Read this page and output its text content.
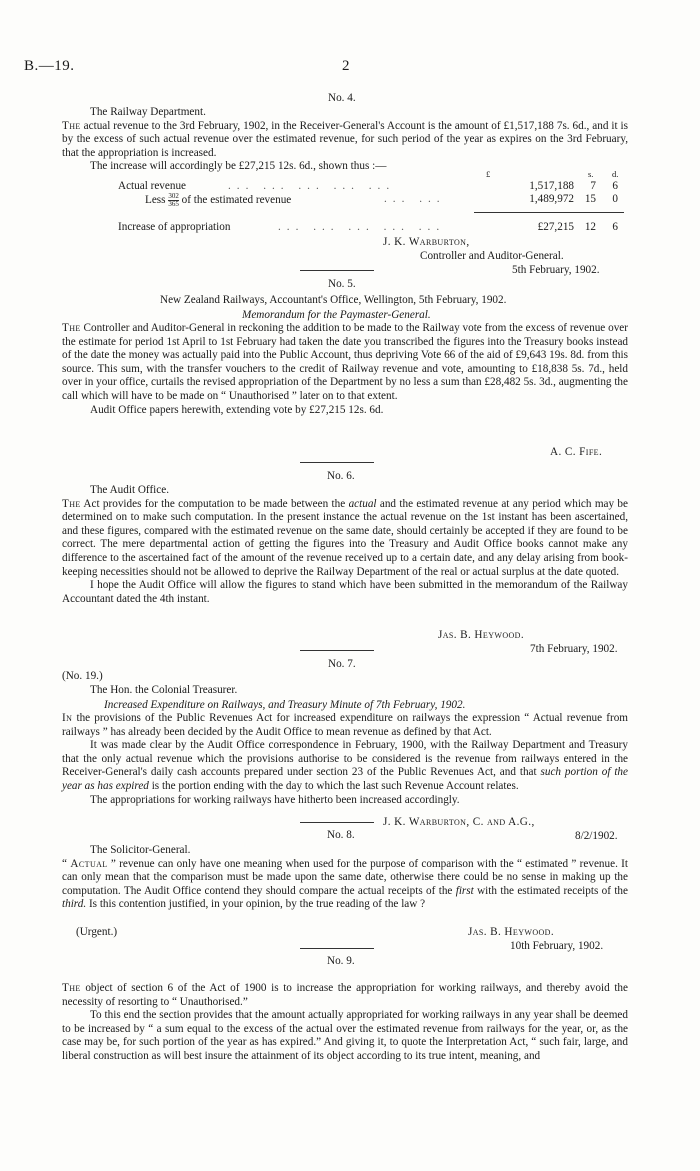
B.—19.	2
No. 4.

The Railway Department.

The actual revenue to the 3rd February, 1902, in the Receiver-General's Account is the amount of £1,517,188 7s. 6d., and it is by the excess of such actual revenue over the estimated revenue, for such period of the year as expires on the 3rd February, that the appropriation is increased.

The increase will accordingly be £27,215 12s. 6d., shown thus :—

£	s. d.
Actual revenue	... ... ... ... ...	1,517,188	7	6
Less $\frac{302}{365}$ of the estimated revenue	... ...	1,489,972 15	0
Increase of appropriation	... ... ... ... ...	£27,215 12	6
J. K. Warburton,
Controller and Auditor-General.
5th February, 1902.
No. 5.
New Zealand Railways, Accountant's Office, Wellington, 5th February, 1902.
Memorandum for the Paymaster-General.

The Controller and Auditor-General in reckoning the addition to be made to the Railway vote from the excess of revenue over the estimate for period 1st April to 1st February had taken the date you transcribed the figures into the Treasury books instead of the date the money was actually paid into the Public Account, thus depriving Vote 66 of the aid of £9,643 19s. 8d. from this source. This sum, with the transfer vouchers to the credit of Railway revenue and vote, amounting to £18,838 5s. 7d., held over in your office, curtails the revised appropriation of the Department by no less a sum than £28,482 5s. 3d., augmenting the call which will have to be made on “ Unauthorised ” later on to that extent.

Audit Office papers herewith, extending vote by £27,215 12s. 6d.

A. C. Fife.
No. 6.

The Audit Office.

The Act provides for the computation to be made between the actual and the estimated revenue at any period which may be determined on to make such computation. In the present instance the actual revenue on the 1st instant has been ascertained, and these figures, compared with the estimated revenue on the same date, should certainly be accepted if they are found to be correct. The mere departmental action of getting the figures into the Treasury and Audit Office books cannot make any difference to the ascertained fact of the amount of the revenue received up to a certain date, and any delay arising from book-keeping necessities should not be allowed to deprive the Railway Department of the real or actual surplus at the date quoted.

I hope the Audit Office will allow the figures to stand which have been submitted in the memorandum of the Railway Accountant dated the 4th instant.

Jas. B. Heywood.
7th February, 1902.
No. 7.
(No. 19.)
The Hon. the Colonial Treasurer.
Increased Expenditure on Railways, and Treasury Minute of 7th February, 1902.

In the provisions of the Public Revenues Act for increased expenditure on railways the expression “ Actual revenue from railways ” has already been decided by the Audit Office to mean revenue as defined by that Act.

It was made clear by the Audit Office correspondence in February, 1900, with the Railway Department and Treasury that the only actual revenue which the provisions authorise to be considered is the revenue from railways entered in the Receiver-General's daily cash accounts prepared under section 23 of the Public Revenues Act, and that such portion of the year as has expired is the portion ending with the day to which the last such Revenue Account relates.

The appropriations for working railways have hitherto been increased accordingly.

J. K. Warburton, C. and A.G.,
8/2/1902.
No. 8.

The Solicitor-General.

“ Actual ” revenue can only have one meaning when used for the purpose of comparison with the “ estimated ” revenue. It can only mean that the comparison must be made upon the same date, otherwise there could be no sense in making up the computation. The Audit Office contend they should compare the actual receipts of the first with the estimated receipts of the third. Is this contention justified, in your opinion, by the true reading of the law ?

(Urgent.)	Jas. B. Heywood.
10th February, 1902.
No. 9.

The object of section 6 of the Act of 1900 is to increase the appropriation for working railways, and thereby avoid the necessity of resorting to “ Unauthorised.”

To this end the section provides that the amount actually appropriated for working railways in any year shall be deemed to be increased by “ a sum equal to the excess of the actual over the estimated revenue from railways for the year, or, as the case may be, for such portion of the year as has expired.” And giving it, to quote the Interpretation Act, “ such fair, large, and liberal construction as will best insure the attainment of its object according to its true intent, meaning, and
